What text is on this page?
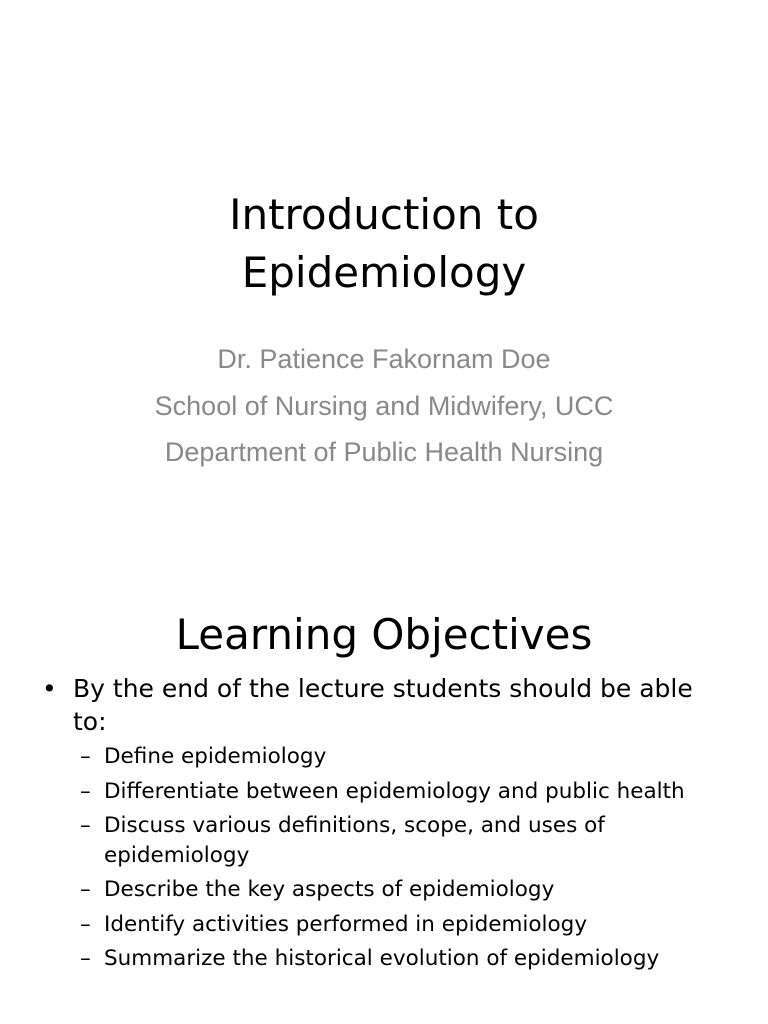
Introduction to
Epidemiology
Dr. Patience Fakornam Doe
School of Nursing and Midwifery, UCC
Department of Public Health Nursing
Learning Objectives
• By the end of the lecture students should be able to:
– Define epidemiology
– Differentiate between epidemiology and public health
– Discuss various definitions, scope, and uses of epidemiology
– Describe the key aspects of epidemiology
– Identify activities performed in epidemiology
– Summarize the historical evolution of epidemiology
